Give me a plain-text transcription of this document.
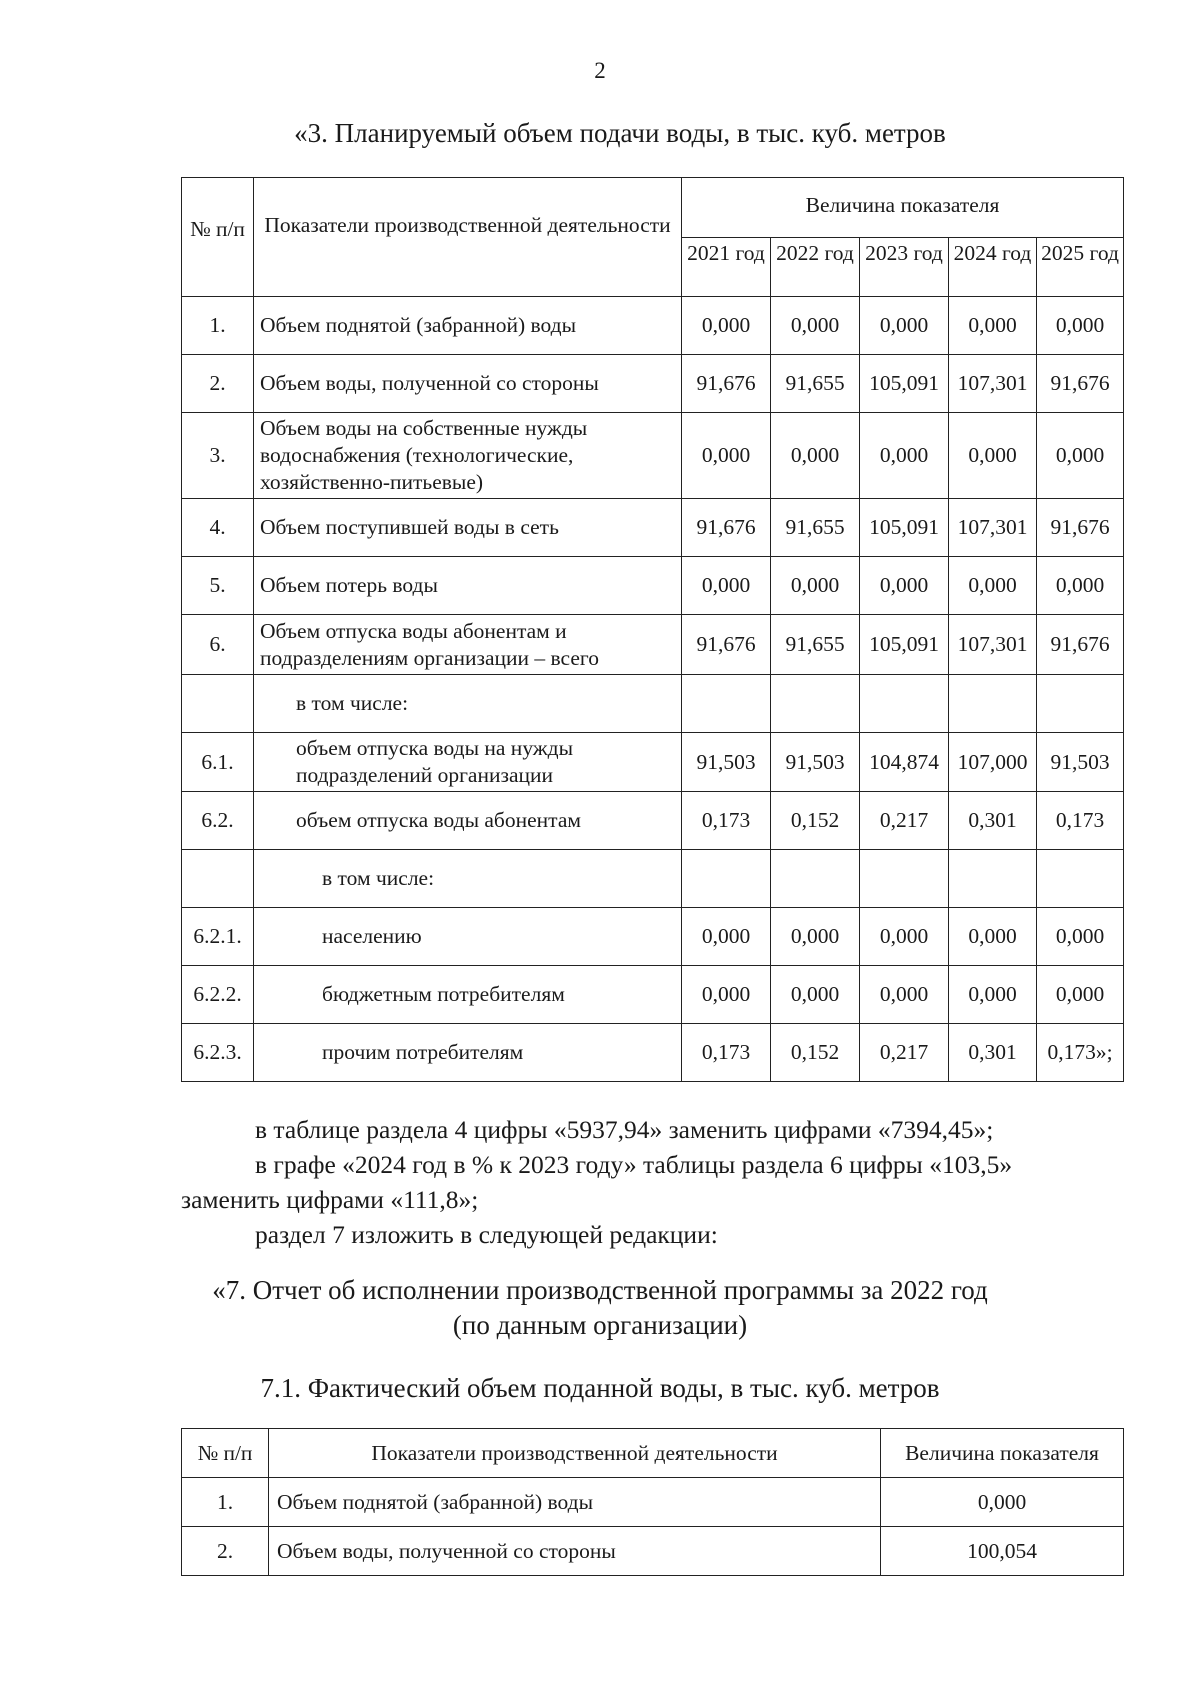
2
«3. Планируемый объем подачи воды, в тыс. куб. метров
№ п/п	Показатели производственной деятельности	Величина показателя				
		2021 год	2022 год	2023 год	2024 год	2025 год
1.	Объем поднятой (забранной) воды	0,000	0,000	0,000	0,000	0,000
2.	Объем воды, полученной со стороны	91,676	91,655	105,091	107,301	91,676
3.	Объем воды на собственные нужды водоснабжения (технологические, хозяйственно-питьевые)	0,000	0,000	0,000	0,000	0,000
4.	Объем поступившей воды в сеть	91,676	91,655	105,091	107,301	91,676
5.	Объем потерь воды	0,000	0,000	0,000	0,000	0,000
6.	Объем отпуска воды абонентам и подразделениям организации – всего	91,676	91,655	105,091	107,301	91,676
	в том числе:					
6.1.	объем отпуска воды на нужды подразделений организации	91,503	91,503	104,874	107,000	91,503
6.2.	объем отпуска воды абонентам	0,173	0,152	0,217	0,301	0,173
	в том числе:					
6.2.1.	населению	0,000	0,000	0,000	0,000	0,000
6.2.2.	бюджетным потребителям	0,000	0,000	0,000	0,000	0,000
6.2.3.	прочим потребителям	0,173	0,152	0,217	0,301	0,173»;
в таблице раздела 4 цифры «5937,94» заменить цифрами «7394,45»;
в графе «2024 год в % к 2023 году» таблицы раздела 6 цифры «103,5»
заменить цифрами «111,8»;
раздел 7 изложить в следующей редакции:
«7. Отчет об исполнении производственной программы за 2022 год
(по данным организации)
7.1. Фактический объем поданной воды, в тыс. куб. метров
№ п/п	Показатели производственной деятельности	Величина показателя
1.	Объем поднятой (забранной) воды	0,000
2.	Объем воды, полученной со стороны	100,054
